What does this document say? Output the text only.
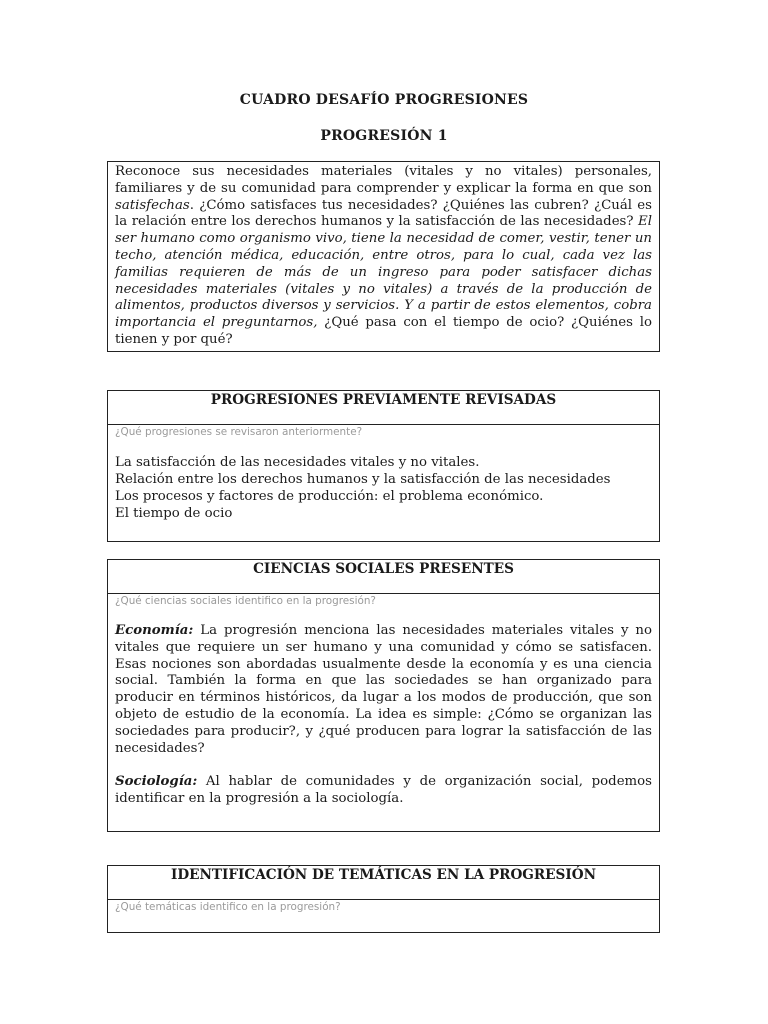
CUADRO DESAFÍO PROGRESIONES
PROGRESIÓN 1

Reconoce sus necesidades materiales (vitales y no vitales) personales, familiares y de su comunidad para comprender y explicar la forma en que son satisfechas. ¿Cómo satisfaces tus necesidades? ¿Quiénes las cubren? ¿Cuál es la relación entre los derechos humanos y la satisfacción de las necesidades? El ser humano como organismo vivo, tiene la necesidad de comer, vestir, tener un techo, atención médica, educación, entre otros, para lo cual, cada vez las familias requieren de más de un ingreso para poder satisfacer dichas necesidades materiales (vitales y no vitales) a través de la producción de alimentos, productos diversos y servicios. Y a partir de estos elementos, cobra importancia el preguntarnos, ¿Qué pasa con el tiempo de ocio? ¿Quiénes lo tienen y por qué?

PROGRESIONES PREVIAMENTE REVISADAS

¿Qué progresiones se revisaron anteriormente?

La satisfacción de las necesidades vitales y no vitales.

Relación entre los derechos humanos y la satisfacción de las necesidades

Los procesos y factores de producción: el problema económico.

El tiempo de ocio

CIENCIAS SOCIALES PRESENTES

¿Qué ciencias sociales identifico en la progresión?

Economía: La progresión menciona las necesidades materiales vitales y no vitales que requiere un ser humano y una comunidad y cómo se satisfacen. Esas nociones son abordadas usualmente desde la economía y es una ciencia social. También la forma en que las sociedades se han organizado para producir en términos históricos, da lugar a los modos de producción, que son objeto de estudio de la economía. La idea es simple: ¿Cómo se organizan las sociedades para producir?, y ¿qué producen para lograr la satisfacción de las necesidades?

Sociología: Al hablar de comunidades y de organización social, podemos identificar en la progresión a la sociología.

IDENTIFICACIÓN DE TEMÁTICAS EN LA PROGRESIÓN

¿Qué temáticas identifico en la progresión?
